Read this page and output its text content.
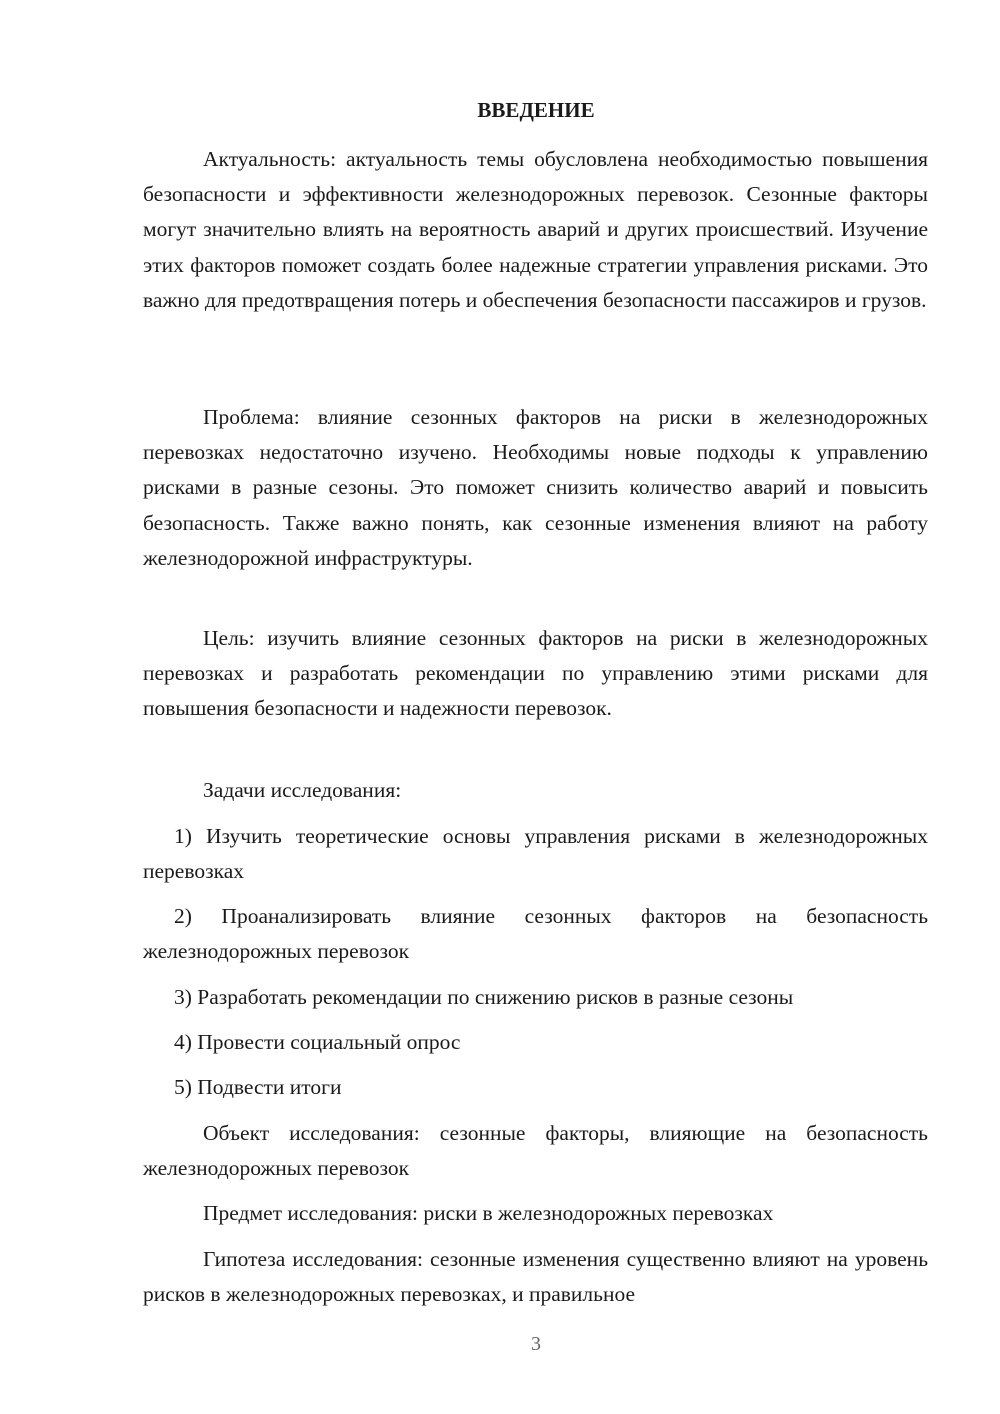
ВВЕДЕНИЕ

Актуальность: актуальность темы обусловлена необходимостью повышения безопасности и эффективности железнодорожных перевозок. Сезонные факторы могут значительно влиять на вероятность аварий и других происшествий. Изучение этих факторов поможет создать более надежные стратегии управления рисками. Это важно для предотвращения потерь и обеспечения безопасности пассажиров и грузов.

Проблема: влияние сезонных факторов на риски в железнодорожных перевозках недостаточно изучено. Необходимы новые подходы к управлению рисками в разные сезоны. Это поможет снизить количество аварий и повысить безопасность. Также важно понять, как сезонные изменения влияют на работу железнодорожной инфраструктуры.

Цель: изучить влияние сезонных факторов на риски в железнодорожных перевозках и разработать рекомендации по управлению этими рисками для повышения безопасности и надежности перевозок.

Задачи исследования:

1) Изучить теоретические основы управления рисками в железнодорожных перевозках

2) Проанализировать влияние сезонных факторов на безопасность железнодорожных перевозок

3) Разработать рекомендации по снижению рисков в разные сезоны

4) Провести социальный опрос

5) Подвести итоги

Объект исследования: сезонные факторы, влияющие на безопасность железнодорожных перевозок

Предмет исследования: риски в железнодорожных перевозках

Гипотеза исследования: сезонные изменения существенно влияют на уровень рисков в железнодорожных перевозках, и правильное

3
